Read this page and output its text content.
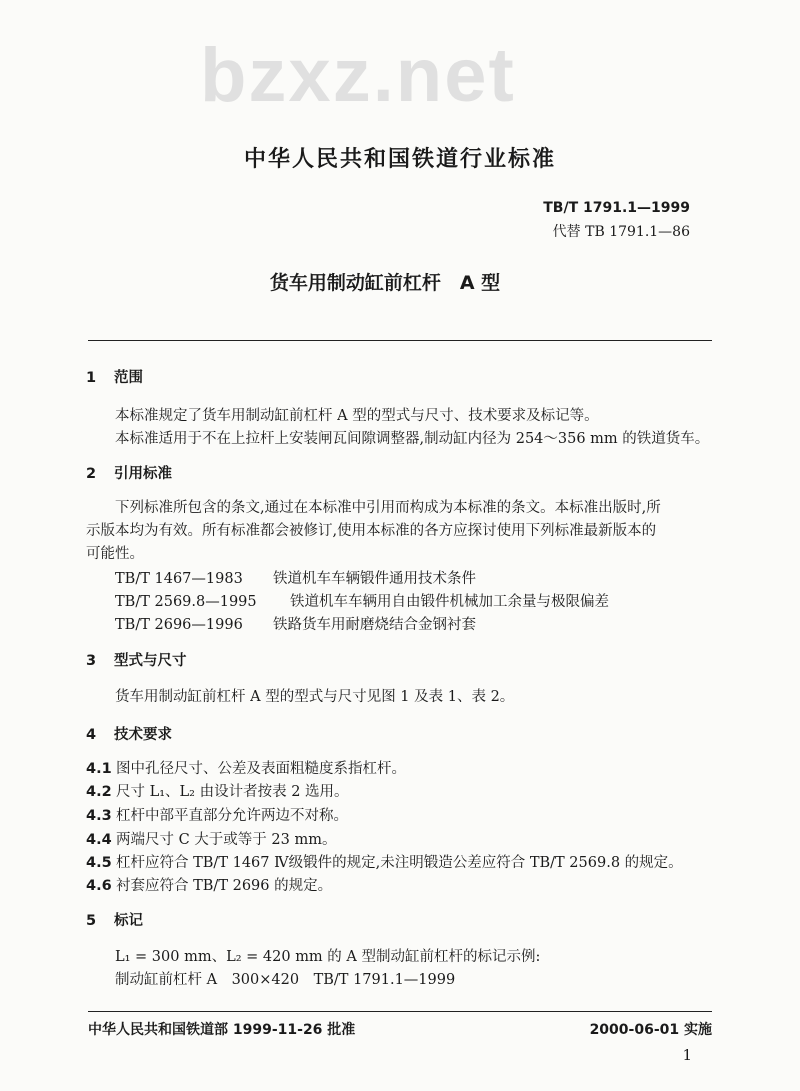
bzxz.net
中华人民共和国铁道行业标准
TB/T 1791.1—1999
代替 TB 1791.1—86
货车用制动缸前杠杆　A 型
1 范围
本标准规定了货车用制动缸前杠杆 A 型的型式与尺寸、技术要求及标记等。
本标准适用于不在上拉杆上安装闸瓦间隙调整器,制动缸内径为 254～356 mm 的铁道货车。
2 引用标准
下列标准所包含的条文,通过在本标准中引用而构成为本标准的条文。本标准出版时,所
示版本均为有效。所有标准都会被修订,使用本标准的各方应探讨使用下列标准最新版本的
可能性。
TB/T 1467—1983 铁道机车车辆锻件通用技术条件
TB/T 2569.8—1995 铁道机车车辆用自由锻件机械加工余量与极限偏差
TB/T 2696—1996 铁路货车用耐磨烧结合金钢衬套
3 型式与尺寸
货车用制动缸前杠杆 A 型的型式与尺寸见图 1 及表 1、表 2。
4 技术要求
4.1 图中孔径尺寸、公差及表面粗糙度系指杠杆。
4.2 尺寸 L₁、L₂ 由设计者按表 2 选用。
4.3 杠杆中部平直部分允许两边不对称。
4.4 两端尺寸 C 大于或等于 23 mm。
4.5 杠杆应符合 TB/T 1467 Ⅳ级锻件的规定,未注明锻造公差应符合 TB/T 2569.8 的规定。
4.6 衬套应符合 TB/T 2696 的规定。
5 标记
L₁ = 300 mm、L₂ = 420 mm 的 A 型制动缸前杠杆的标记示例:
制动缸前杠杆 A　300×420　TB/T 1791.1—1999
中华人民共和国铁道部 1999-11-26 批准	2000-06-01 实施
1
